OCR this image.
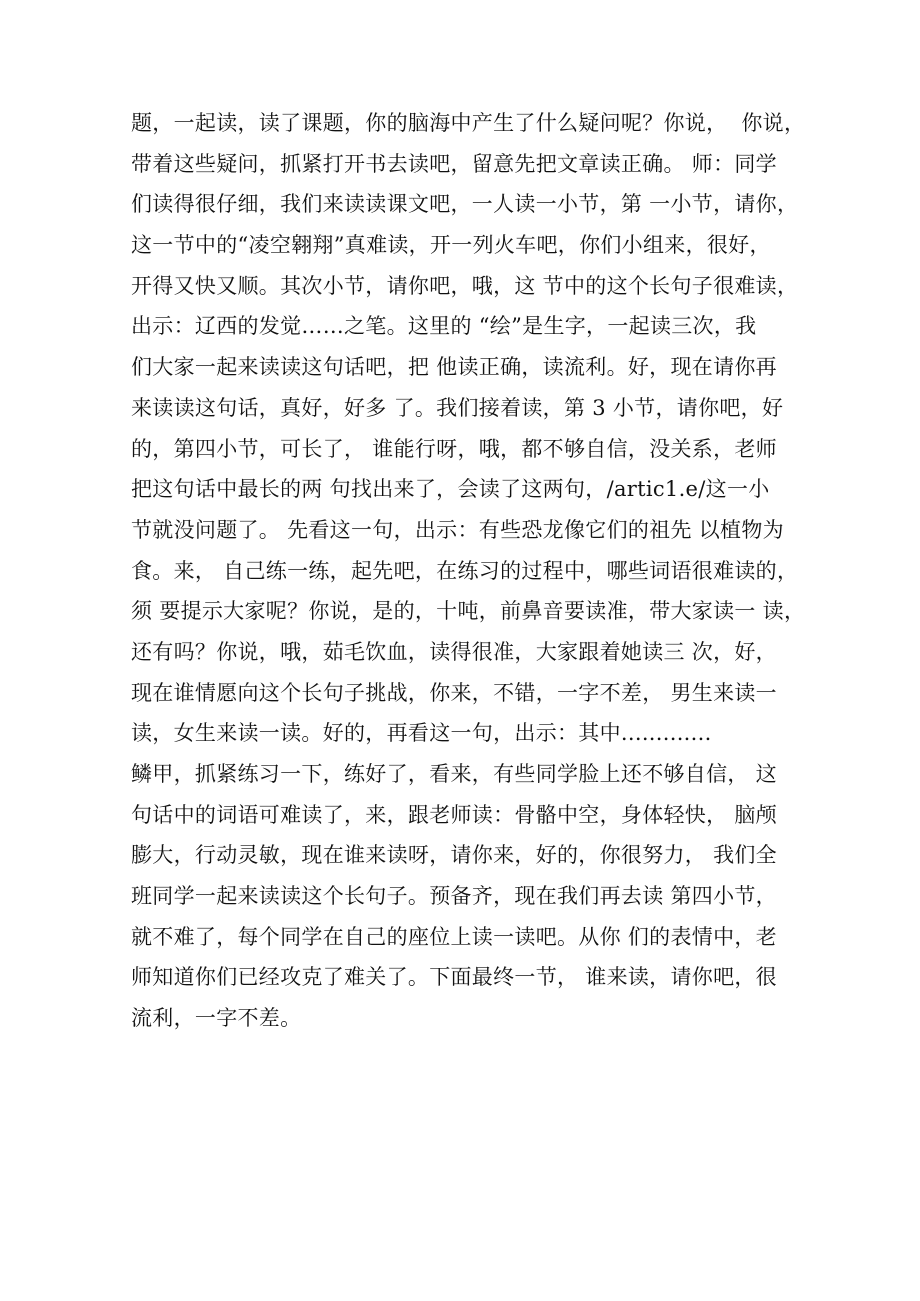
题，一起读，读了课题，你的脑海中产生了什么疑问呢？你说，  你说，
带着这些疑问，抓紧打开书去读吧，留意先把文章读正确。 师：同学
们读得很仔细，我们来读读课文吧，一人读一小节，第 一小节，请你，
这一节中的“凌空翱翔”真难读，开一列火车吧，你们小组来，很好，
开得又快又顺。其次小节，请你吧，哦，这 节中的这个长句子很难读，
出示：辽西的发觉……之笔。这里的 “绘”是生字，一起读三次，我
们大家一起来读读这句话吧，把 他读正确，读流利。好，现在请你再
来读读这句话，真好，好多 了。我们接着读，第 3 小节，请你吧，好
的，第四小节，可长了， 谁能行呀，哦，都不够自信，没关系，老师
把这句话中最长的两 句找出来了，会读了这两句，/artic1.e/这一小
节就没问题了。 先看这一句，出示：有些恐龙像它们的祖先 以植物为
食。来， 自己练一练，起先吧，在练习的过程中，哪些词语很难读的，
须 要提示大家呢？你说，是的，十吨，前鼻音要读准，带大家读一 读，
还有吗？你说，哦，茹毛饮血，读得很准，大家跟着她读三 次，好，
现在谁情愿向这个长句子挑战，你来，不错，一字不差， 男生来读一
读，女生来读一读。好的，再看这一句，出示：其中.............
鳞甲，抓紧练习一下，练好了，看来，有些同学脸上还不够自信， 这
句话中的词语可难读了，来，跟老师读：骨骼中空，身体轻快， 脑颅
膨大，行动灵敏，现在谁来读呀，请你来，好的，你很努力， 我们全
班同学一起来读读这个长句子。预备齐，现在我们再去读 第四小节，
就不难了，每个同学在自己的座位上读一读吧。从你 们的表情中，老
师知道你们已经攻克了难关了。下面最终一节， 谁来读，请你吧，很
流利，一字不差。
